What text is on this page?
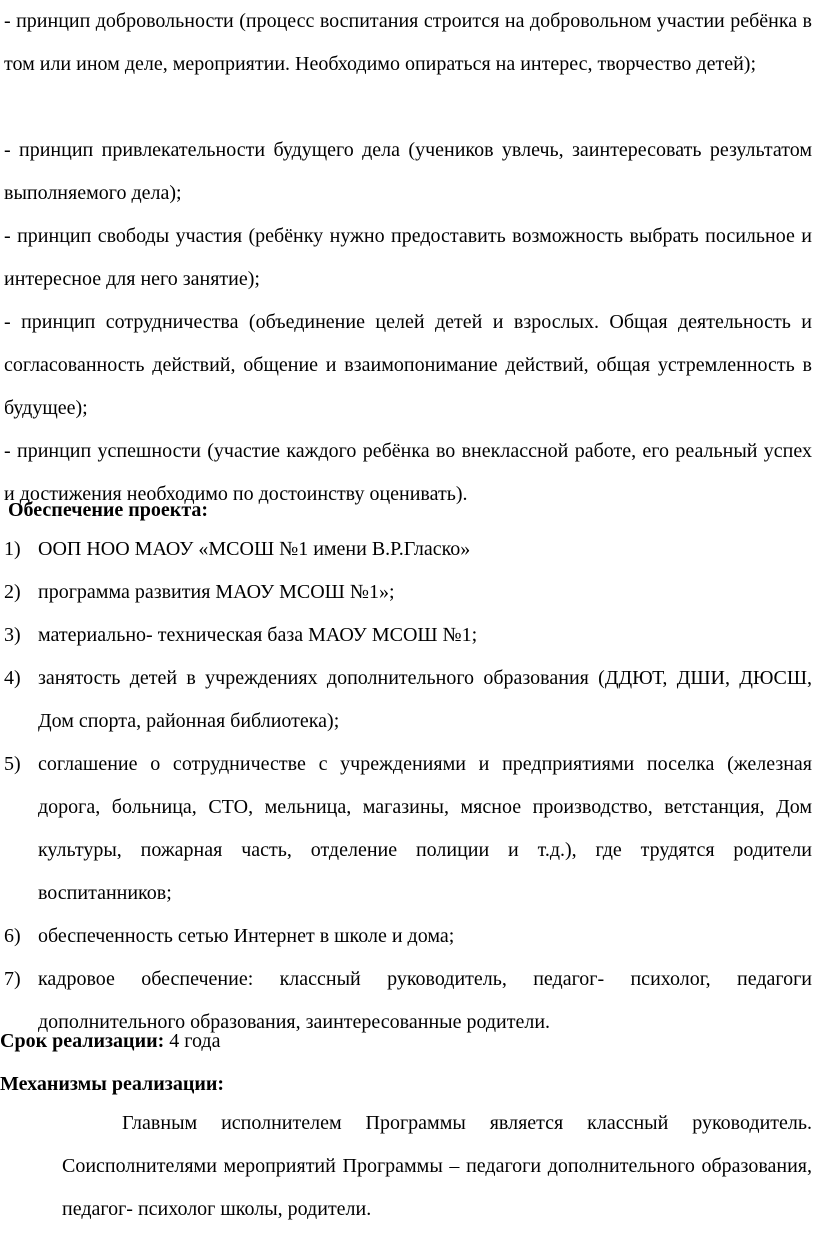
- принцип добровольности (процесс воспитания строится на добровольном участии ребёнка в том или ином деле, мероприятии. Необходимо опираться на интерес, творчество детей);

- принцип привлекательности будущего дела (учеников увлечь, заинтересовать результатом выполняемого дела);

- принцип свободы участия (ребёнку нужно предоставить возможность выбрать посильное и интересное для него занятие);

- принцип сотрудничества (объединение целей детей и взрослых. Общая деятельность и согласованность действий, общение и взаимопонимание действий, общая устремленность в будущее);

- принцип успешности (участие каждого ребёнка во внеклассной работе, его реальный успех и достижения необходимо по достоинству оценивать).

Обеспечение проекта:
1) ООП НОО МАОУ «МСОШ №1 имени В.Р.Гласко»
2) программа развития МАОУ МСОШ №1»;
3) материально- техническая база МАОУ МСОШ №1;
4) занятость детей в учреждениях дополнительного образования (ДДЮТ, ДШИ, ДЮСШ, Дом спорта, районная библиотека);
5) соглашение о сотрудничестве с учреждениями и предприятиями поселка (железная дорога, больница, СТО, мельница, магазины, мясное производство, ветстанция, Дом культуры, пожарная часть, отделение полиции и т.д.), где трудятся родители воспитанников;
6) обеспеченность сетью Интернет в школе и дома;
7) кадровое обеспечение: классный руководитель, педагог- психолог, педагоги дополнительного образования, заинтересованные родители.
Срок реализации: 4 года
Механизмы реализации:

Главным исполнителем Программы является классный руководитель. Соисполнителями мероприятий Программы – педагоги дополнительного образования, педагог- психолог школы, родители.
